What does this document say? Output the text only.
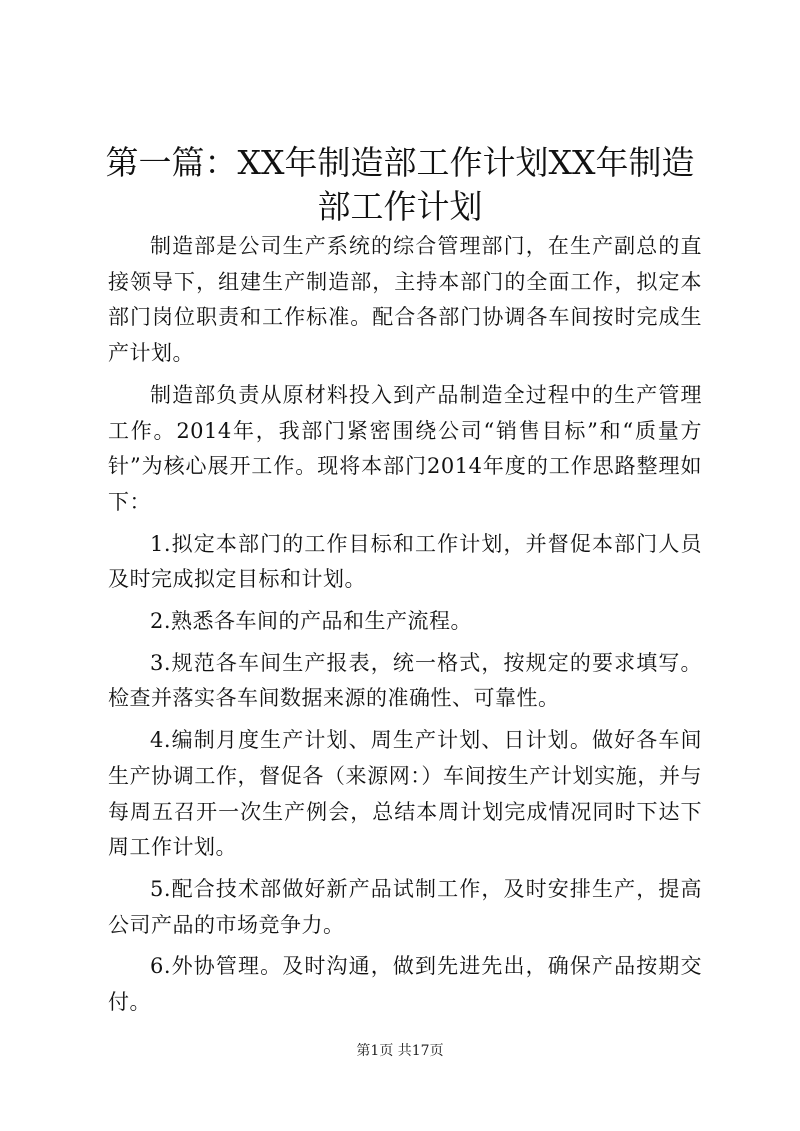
第一篇：XX年制造部工作计划XX年制造部工作计划

制造部是公司生产系统的综合管理部门，在生产副总的直接领导下，组建生产制造部，主持本部门的全面工作，拟定本部门岗位职责和工作标准。配合各部门协调各车间按时完成生产计划。

制造部负责从原材料投入到产品制造全过程中的生产管理工作。2014年，我部门紧密围绕公司“销售目标”和“质量方针”为核心展开工作。现将本部门2014年度的工作思路整理如下：

1.拟定本部门的工作目标和工作计划，并督促本部门人员及时完成拟定目标和计划。

2.熟悉各车间的产品和生产流程。

3.规范各车间生产报表，统一格式，按规定的要求填写。检查并落实各车间数据来源的准确性、可靠性。

4.编制月度生产计划、周生产计划、日计划。做好各车间生产协调工作，督促各（来源网：）车间按生产计划实施，并与每周五召开一次生产例会，总结本周计划完成情况同时下达下周工作计划。

5.配合技术部做好新产品试制工作，及时安排生产，提高公司产品的市场竞争力。

6.外协管理。及时沟通，做到先进先出，确保产品按期交付。

第1页 共17页
